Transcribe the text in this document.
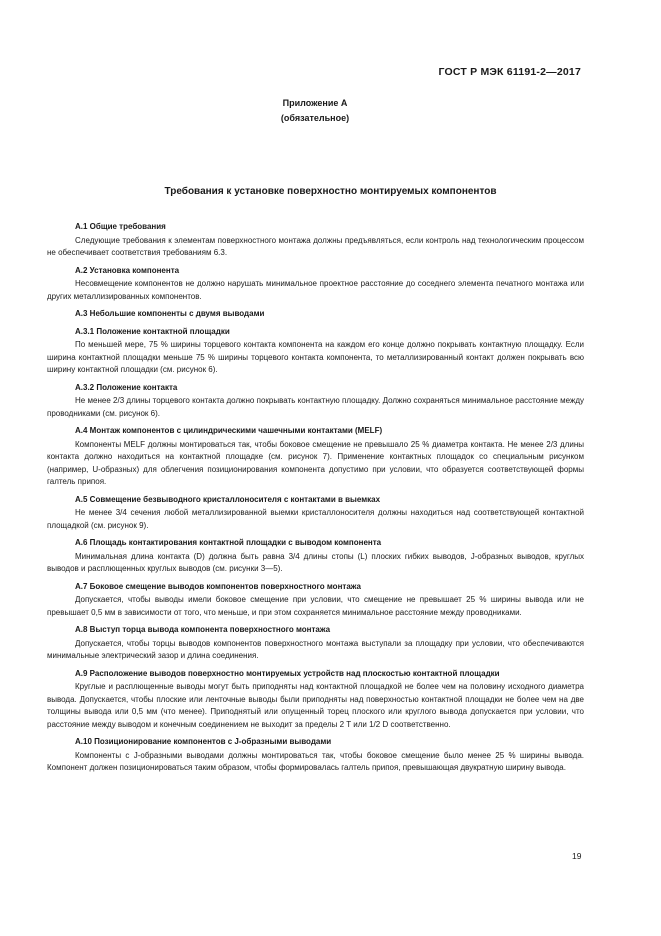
ГОСТ Р МЭК 61191-2—2017
Приложение А
(обязательное)
Требования к установке поверхностно монтируемых компонентов

А.1 Общие требования

Следующие требования к элементам поверхностного монтажа должны предъявляться, если контроль над технологическим процессом не обеспечивает соответствия требованиям 6.3.

А.2 Установка компонента

Несовмещение компонентов не должно нарушать минимальное проектное расстояние до соседнего элемента печатного монтажа или других металлизированных компонентов.

А.3 Небольшие компоненты с двумя выводами

А.3.1 Положение контактной площадки

По меньшей мере, 75 % ширины торцевого контакта компонента на каждом его конце должно покрывать контактную площадку. Если ширина контактной площадки меньше 75 % ширины торцевого контакта компонента, то металлизированный контакт должен покрывать всю ширину контактной площадки (см. рисунок 6).

А.3.2 Положение контакта

Не менее 2/3 длины торцевого контакта должно покрывать контактную площадку. Должно сохраняться минимальное расстояние между проводниками (см. рисунок 6).

А.4 Монтаж компонентов с цилиндрическими чашечными контактами (MELF)

Компоненты MELF должны монтироваться так, чтобы боковое смещение не превышало 25 % диаметра контакта. Не менее 2/3 длины контакта должно находиться на контактной площадке (см. рисунок 7). Применение контактных площадок со специальным рисунком (например, U-образных) для облегчения позиционирования компонента допустимо при условии, что образуется соответствующей формы галтель припоя.

А.5 Совмещение безвыводного кристаллоносителя с контактами в выемках

Не менее 3/4 сечения любой металлизированной выемки кристаллоносителя должны находиться над соответствующей контактной площадкой (см. рисунок 9).

А.6 Площадь контактирования контактной площадки с выводом компонента

Минимальная длина контакта (D) должна быть равна 3/4 длины стопы (L) плоских гибких выводов, J-образных выводов, круглых выводов и расплющенных круглых выводов (см. рисунки 3—5).

А.7 Боковое смещение выводов компонентов поверхностного монтажа

Допускается, чтобы выводы имели боковое смещение при условии, что смещение не превышает 25 % ширины вывода или не превышает 0,5 мм в зависимости от того, что меньше, и при этом сохраняется минимальное расстояние между проводниками.

А.8 Выступ торца вывода компонента поверхностного монтажа

Допускается, чтобы торцы выводов компонентов поверхностного монтажа выступали за площадку при условии, что обеспечиваются минимальные электрический зазор и длина соединения.

А.9 Расположение выводов поверхностно монтируемых устройств над плоскостью контактной площадки

Круглые и расплющенные выводы могут быть приподняты над контактной площадкой не более чем на половину исходного диаметра вывода. Допускается, чтобы плоские или ленточные выводы были приподняты над поверхностью контактной площадки не более чем на две толщины вывода или 0,5 мм (что менее). Приподнятый или опущенный торец плоского или круглого вывода допускается при условии, что расстояние между выводом и конечным соединением не выходит за пределы 2 T или 1/2 D соответственно.

А.10 Позиционирование компонентов с J-образными выводами

Компоненты с J-образными выводами должны монтироваться так, чтобы боковое смещение было менее 25 % ширины вывода. Компонент должен позиционироваться таким образом, чтобы формировалась галтель припоя, превышающая двукратную ширину вывода.

19
